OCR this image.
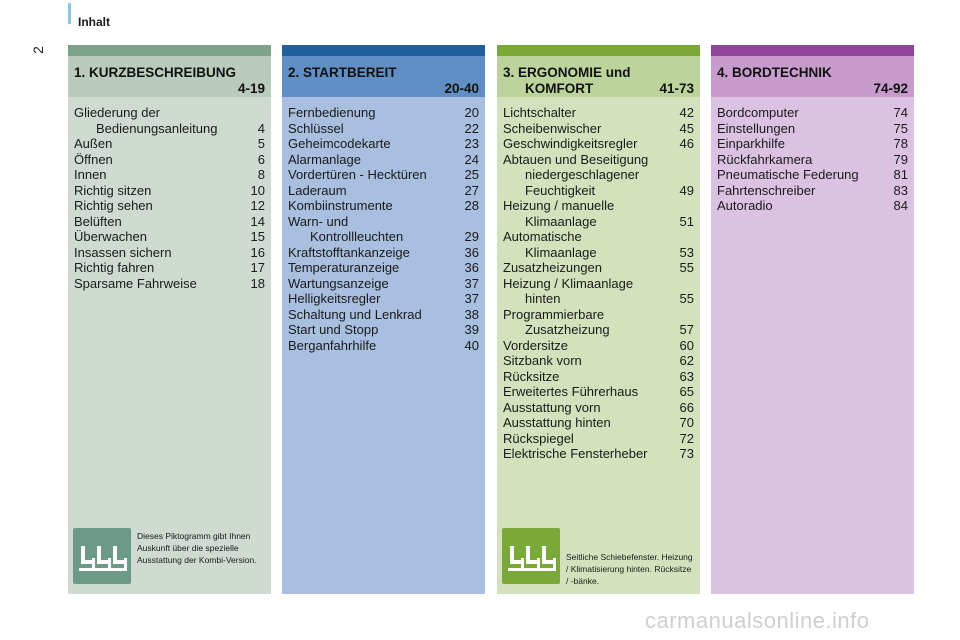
Inhalt
2
1. KURZBESCHREIBUNG
4-19
Gliederung der
Bedienungsanleitung	4
Außen	5
Öffnen	6
Innen	8
Richtig sitzen	10
Richtig sehen	12
Belüften	14
Überwachen	15
Insassen sichern	16
Richtig fahren	17
Sparsame Fahrweise	18
Dieses Piktogramm gibt Ihnen Auskunft über die spezielle Ausstattung der Kombi-Version.
2. STARTBEREIT
20-40
Fernbedienung	20
Schlüssel	22
Geheimcodekarte	23
Alarmanlage	24
Vordertüren - Hecktüren	25
Laderaum	27
Kombiinstrumente	28
Warn- und
Kontrollleuchten	29
Kraftstofftankanzeige	36
Temperaturanzeige	36
Wartungsanzeige	37
Helligkeitsregler	37
Schaltung und Lenkrad	38
Start und Stopp	39
Berganfahrhilfe	40
3. ERGONOMIE und
KOMFORT	41-73
Lichtschalter	42
Scheibenwischer	45
Geschwindigkeitsregler	46
Abtauen und Beseitigung
niedergeschlagener
Feuchtigkeit	49
Heizung / manuelle
Klimaanlage	51
Automatische
Klimaanlage	53
Zusatzheizungen	55
Heizung / Klimaanlage
hinten	55
Programmierbare
Zusatzheizung	57
Vordersitze	60
Sitzbank vorn	62
Rücksitze	63
Erweitertes Führerhaus	65
Ausstattung vorn	66
Ausstattung hinten	70
Rückspiegel	72
Elektrische Fensterheber 73
Seitliche Schiebefenster. Heizung / Klimatisierung hinten. Rücksitze / -bänke.
4. BORDTECHNIK
74-92
Bordcomputer	74
Einstellungen	75
Einparkhilfe	78
Rückfahrkamera	79
Pneumatische Federung	81
Fahrtenschreiber	83
Autoradio	84
carmanualsonline.info
